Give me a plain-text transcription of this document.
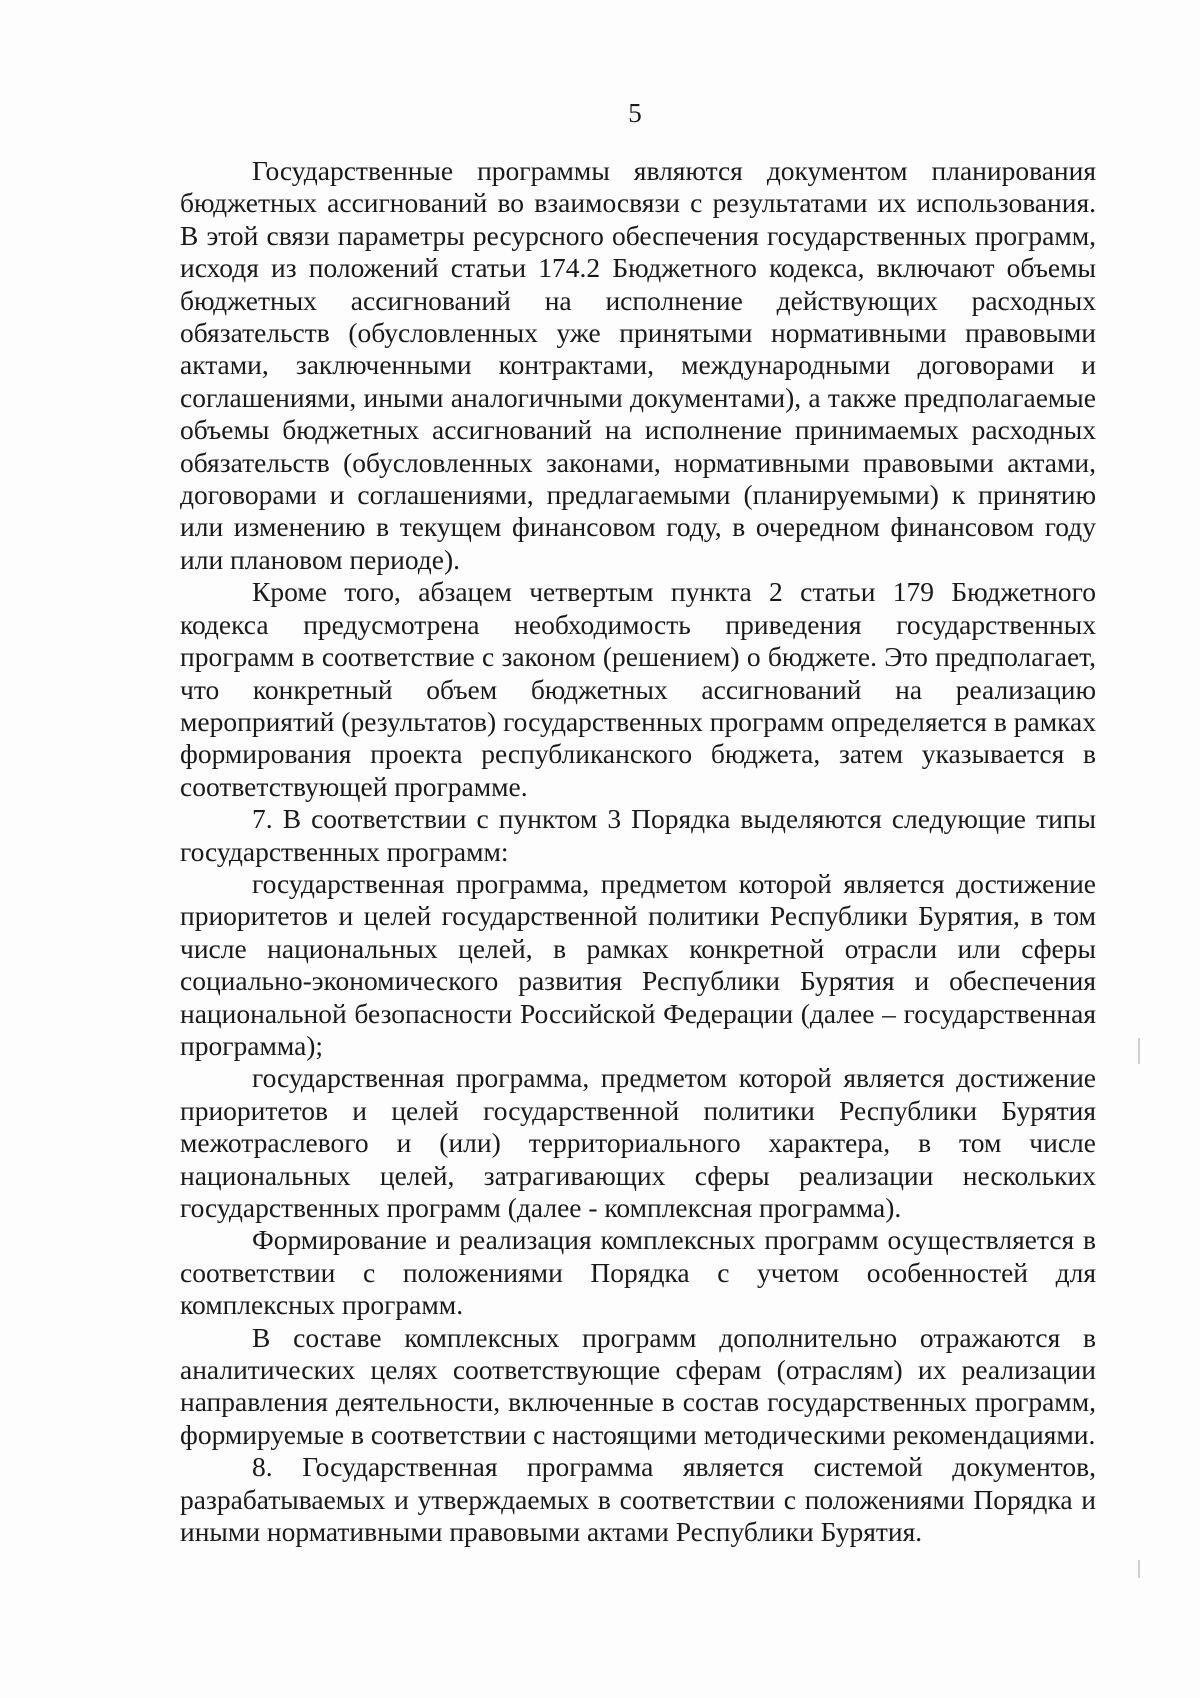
5

Государственные программы являются документом планирования бюджетных ассигнований во взаимосвязи с результатами их использования. В этой связи параметры ресурсного обеспечения государственных программ, исходя из положений статьи 174.2 Бюджетного кодекса, включают объемы бюджетных ассигнований на исполнение действующих расходных обязательств (обусловленных уже принятыми нормативными правовыми актами, заключенными контрактами, международными договорами и соглашениями, иными аналогичными документами), а также предполагаемые объемы бюджетных ассигнований на исполнение принимаемых расходных обязательств (обусловленных законами, нормативными правовыми актами, договорами и соглашениями, предлагаемыми (планируемыми) к принятию или изменению в текущем финансовом году, в очередном финансовом году или плановом периоде).

Кроме того, абзацем четвертым пункта 2 статьи 179 Бюджетного кодекса предусмотрена необходимость приведения государственных программ в соответствие с законом (решением) о бюджете. Это предполагает, что конкретный объем бюджетных ассигнований на реализацию мероприятий (результатов) государственных программ определяется в рамках формирования проекта республиканского бюджета, затем указывается в соответствующей программе.

7. В соответствии с пунктом 3 Порядка выделяются следующие типы государственных программ:

государственная программа, предметом которой является достижение приоритетов и целей государственной политики Республики Бурятия, в том числе национальных целей, в рамках конкретной отрасли или сферы социально-экономического развития Республики Бурятия и обеспечения национальной безопасности Российской Федерации (далее – государственная программа);

государственная программа, предметом которой является достижение приоритетов и целей государственной политики Республики Бурятия межотраслевого и (или) территориального характера, в том числе национальных целей, затрагивающих сферы реализации нескольких государственных программ (далее - комплексная программа).

Формирование и реализация комплексных программ осуществляется в соответствии с положениями Порядка с учетом особенностей для комплексных программ.

В составе комплексных программ дополнительно отражаются в аналитических целях соответствующие сферам (отраслям) их реализации направления деятельности, включенные в состав государственных программ, формируемые в соответствии с настоящими методическими рекомендациями.

8. Государственная программа является системой документов, разрабатываемых и утверждаемых в соответствии с положениями Порядка и иными нормативными правовыми актами Республики Бурятия.
